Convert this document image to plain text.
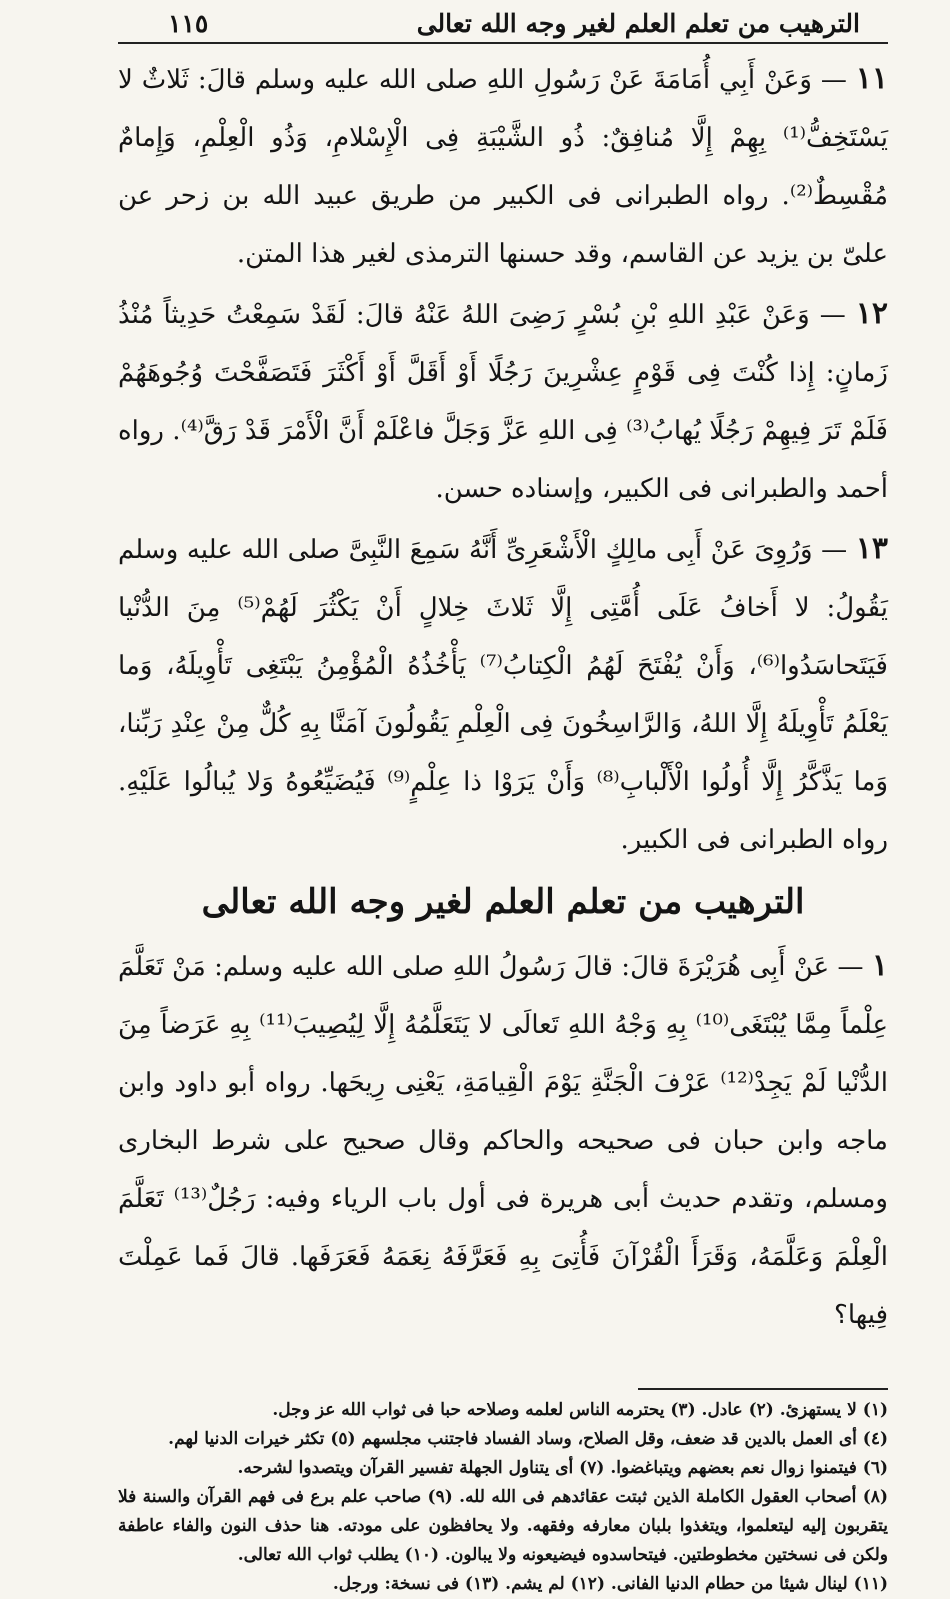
الترهيب من تعلم العلم لغير وجه الله تعالى
١١٥

١١ — وَعَنْ أَبِي أُمَامَةَ عَنْ رَسُولِ اللهِ صلى الله عليه وسلم قالَ: ثَلاثٌ لا يَسْتَخِفُّ⁽¹⁾ بِهِمْ إِلَّا مُنافِقٌ: ذُو الشَّيْبَةِ فِى الْإِسْلامِ، وَذُو الْعِلْمِ، وَإِمامٌ مُقْسِطٌ⁽²⁾. رواه الطبرانى فى الكبير من طريق عبيد الله بن زحر عن علىّ بن يزيد عن القاسم، وقد حسنها الترمذى لغير هذا المتن.

١٢ — وَعَنْ عَبْدِ اللهِ بْنِ بُسْرٍ رَضِىَ اللهُ عَنْهُ قالَ: لَقَدْ سَمِعْتُ حَدِيثاً مُنْذُ زَمانٍ: إِذا كُنْتَ فِى قَوْمٍ عِشْرِينَ رَجُلًا أَوْ أَقَلَّ أَوْ أَكْثَرَ فَتَصَفَّحْتَ وُجُوهَهُمْ فَلَمْ تَرَ فِيهِمْ رَجُلًا يُهابُ⁽³⁾ فِى اللهِ عَزَّ وَجَلَّ فاعْلَمْ أَنَّ الْأَمْرَ قَدْ رَقَّ⁽⁴⁾. رواه أحمد والطبرانى فى الكبير، وإسناده حسن.

١٣ — وَرُوِىَ عَنْ أَبِى مالِكٍ الْأَشْعَرِىِّ أَنَّهُ سَمِعَ النَّبِىَّ صلى الله عليه وسلم يَقُولُ: لا أَخافُ عَلَى أُمَّتِى إِلَّا ثَلاثَ خِلالٍ أَنْ يَكْثُرَ لَهُمْ⁽⁵⁾ مِنَ الدُّنْيا فَيَتَحاسَدُوا⁽⁶⁾، وَأَنْ يُفْتَحَ لَهُمُ الْكِتابُ⁽⁷⁾ يَأْخُذُهُ الْمُؤْمِنُ يَبْتَغِى تَأْوِيلَهُ، وَما يَعْلَمُ تَأْوِيلَهُ إِلَّا اللهُ، وَالرَّاسِخُونَ فِى الْعِلْمِ يَقُولُونَ آمَنَّا بِهِ كُلٌّ مِنْ عِنْدِ رَبِّنا، وَما يَذَّكَّرُ إِلَّا أُولُوا الْأَلْبابِ⁽⁸⁾ وَأَنْ يَرَوْا ذا عِلْمٍ⁽⁹⁾ فَيُضَيِّعُوهُ وَلا يُبالُوا عَلَيْهِ. رواه الطبرانى فى الكبير.

الترهيب من تعلم العلم لغير وجه الله تعالى

١ — عَنْ أَبِى هُرَيْرَةَ قالَ: قالَ رَسُولُ اللهِ صلى الله عليه وسلم: مَنْ تَعَلَّمَ عِلْماً مِمَّا يُبْتَغَى⁽¹⁰⁾ بِهِ وَجْهُ اللهِ تَعالَى لا يَتَعَلَّمُهُ إِلَّا لِيُصِيبَ⁽¹¹⁾ بِهِ عَرَضاً مِنَ الدُّنْيا لَمْ يَجِدْ⁽¹²⁾ عَرْفَ الْجَنَّةِ يَوْمَ الْقِيامَةِ، يَعْنِى رِيحَها. رواه أبو داود وابن ماجه وابن حبان فى صحيحه والحاكم وقال صحيح على شرط البخارى ومسلم، وتقدم حديث أبى هريرة فى أول باب الرياء وفيه: رَجُلٌ⁽¹³⁾ تَعَلَّمَ الْعِلْمَ وَعَلَّمَهُ، وَقَرَأَ الْقُرْآنَ فَأُتِىَ بِهِ فَعَرَّفَهُ نِعَمَهُ فَعَرَفَها. قالَ فَما عَمِلْتَ فِيها؟

(١) لا يستهزئ. (٢) عادل. (٣) يحترمه الناس لعلمه وصلاحه حبا فى ثواب الله عز وجل.

(٤) أى العمل بالدين قد ضعف، وقل الصلاح، وساد الفساد فاجتنب مجلسهم (٥) تكثر خيرات الدنيا لهم.

(٦) فيتمنوا زوال نعم بعضهم ويتباغضوا. (٧) أى يتناول الجهلة تفسير القرآن ويتصدوا لشرحه.

(٨) أصحاب العقول الكاملة الذين ثبتت عقائدهم فى الله لله. (٩) صاحب علم برع فى فهم القرآن والسنة فلا يتقربون إليه ليتعلموا، ويتغذوا بلبان معارفه وفقهه. ولا يحافظون على مودته. هنا حذف النون والفاء عاطفة ولكن فى نسختين مخطوطتين. فيتحاسدوه فيضيعونه ولا يبالون. (١٠) يطلب ثواب الله تعالى.

(١١) لينال شيئا من حطام الدنيا الفانى. (١٢) لم يشم. (١٣) فى نسخة: ورجل.
